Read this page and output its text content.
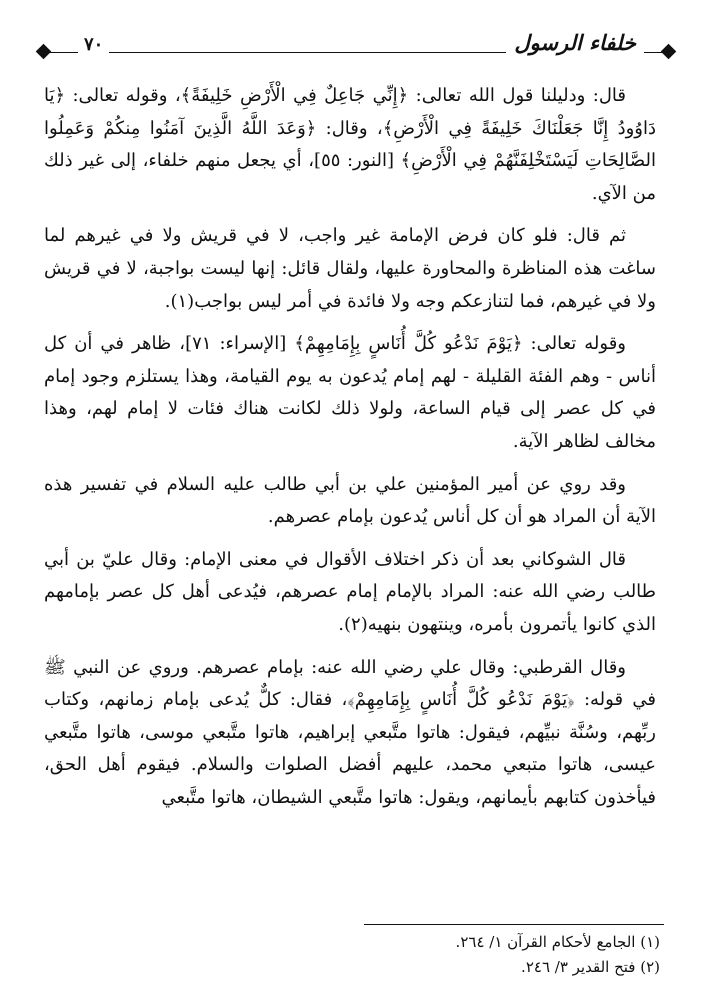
٧٠	خلفاء الرسول

قال: ودليلنا قول الله تعالى: ﴿إِنِّي جَاعِلٌ فِي الْأَرْضِ خَلِيفَةً﴾، وقوله تعالى: ﴿يَا دَاوُودُ إِنَّا جَعَلْنَاكَ خَلِيفَةً فِي الْأَرْضِ﴾، وقال: ﴿وَعَدَ اللَّهُ الَّذِينَ آمَنُوا مِنكُمْ وَعَمِلُوا الصَّالِحَاتِ لَيَسْتَخْلِفَنَّهُمْ فِي الْأَرْضِ﴾ [النور: ٥٥]، أي يجعل منهم خلفاء، إلى غير ذلك من الآي.

ثم قال: فلو كان فرض الإمامة غير واجب، لا في قريش ولا في غيرهم لما ساغت هذه المناظرة والمحاورة عليها، ولقال قائل: إنها ليست بواجبة، لا في قريش ولا في غيرهم، فما لتنازعكم وجه ولا فائدة في أمر ليس بواجب(١).

وقوله تعالى: ﴿يَوْمَ نَدْعُو كُلَّ أُنَاسٍ بِإِمَامِهِمْ﴾ [الإسراء: ٧١]، ظاهر في أن كل أناس - وهم الفئة القليلة - لهم إمام يُدعون به يوم القيامة، وهذا يستلزم وجود إمام في كل عصر إلى قيام الساعة، ولولا ذلك لكانت هناك فئات لا إمام لهم، وهذا مخالف لظاهر الآية.

وقد روي عن أمير المؤمنين علي بن أبي طالب عليه السلام في تفسير هذه الآية أن المراد هو أن كل أناس يُدعون بإمام عصرهم.

قال الشوكاني بعد أن ذكر اختلاف الأقوال في معنى الإمام: وقال عليّ بن أبي طالب رضي الله عنه: المراد بالإمام إمام عصرهم، فيُدعى أهل كل عصر بإمامهم الذي كانوا يأتمرون بأمره، وينتهون بنهيه(٢).

وقال القرطبي: وقال علي رضي الله عنه: بإمام عصرهم. وروي عن النبي ﷺ في قوله: ﴿يَوْمَ نَدْعُو كُلَّ أُنَاسٍ بِإِمَامِهِمْ﴾، فقال: كلٌّ يُدعى بإمام زمانهم، وكتاب ربِّهم، وسُنَّة نبيِّهم، فيقول: هاتوا متَّبعي إبراهيم، هاتوا متَّبعي موسى، هاتوا متَّبعي عيسى، هاتوا متبعي محمد، عليهم أفضل الصلوات والسلام. فيقوم أهل الحق، فيأخذون كتابهم بأيمانهم، ويقول: هاتوا متَّبعي الشيطان، هاتوا متَّبعي

(١) الجامع لأحكام القرآن ١/ ٢٦٤.

(٢) فتح القدير ٣/ ٢٤٦.
